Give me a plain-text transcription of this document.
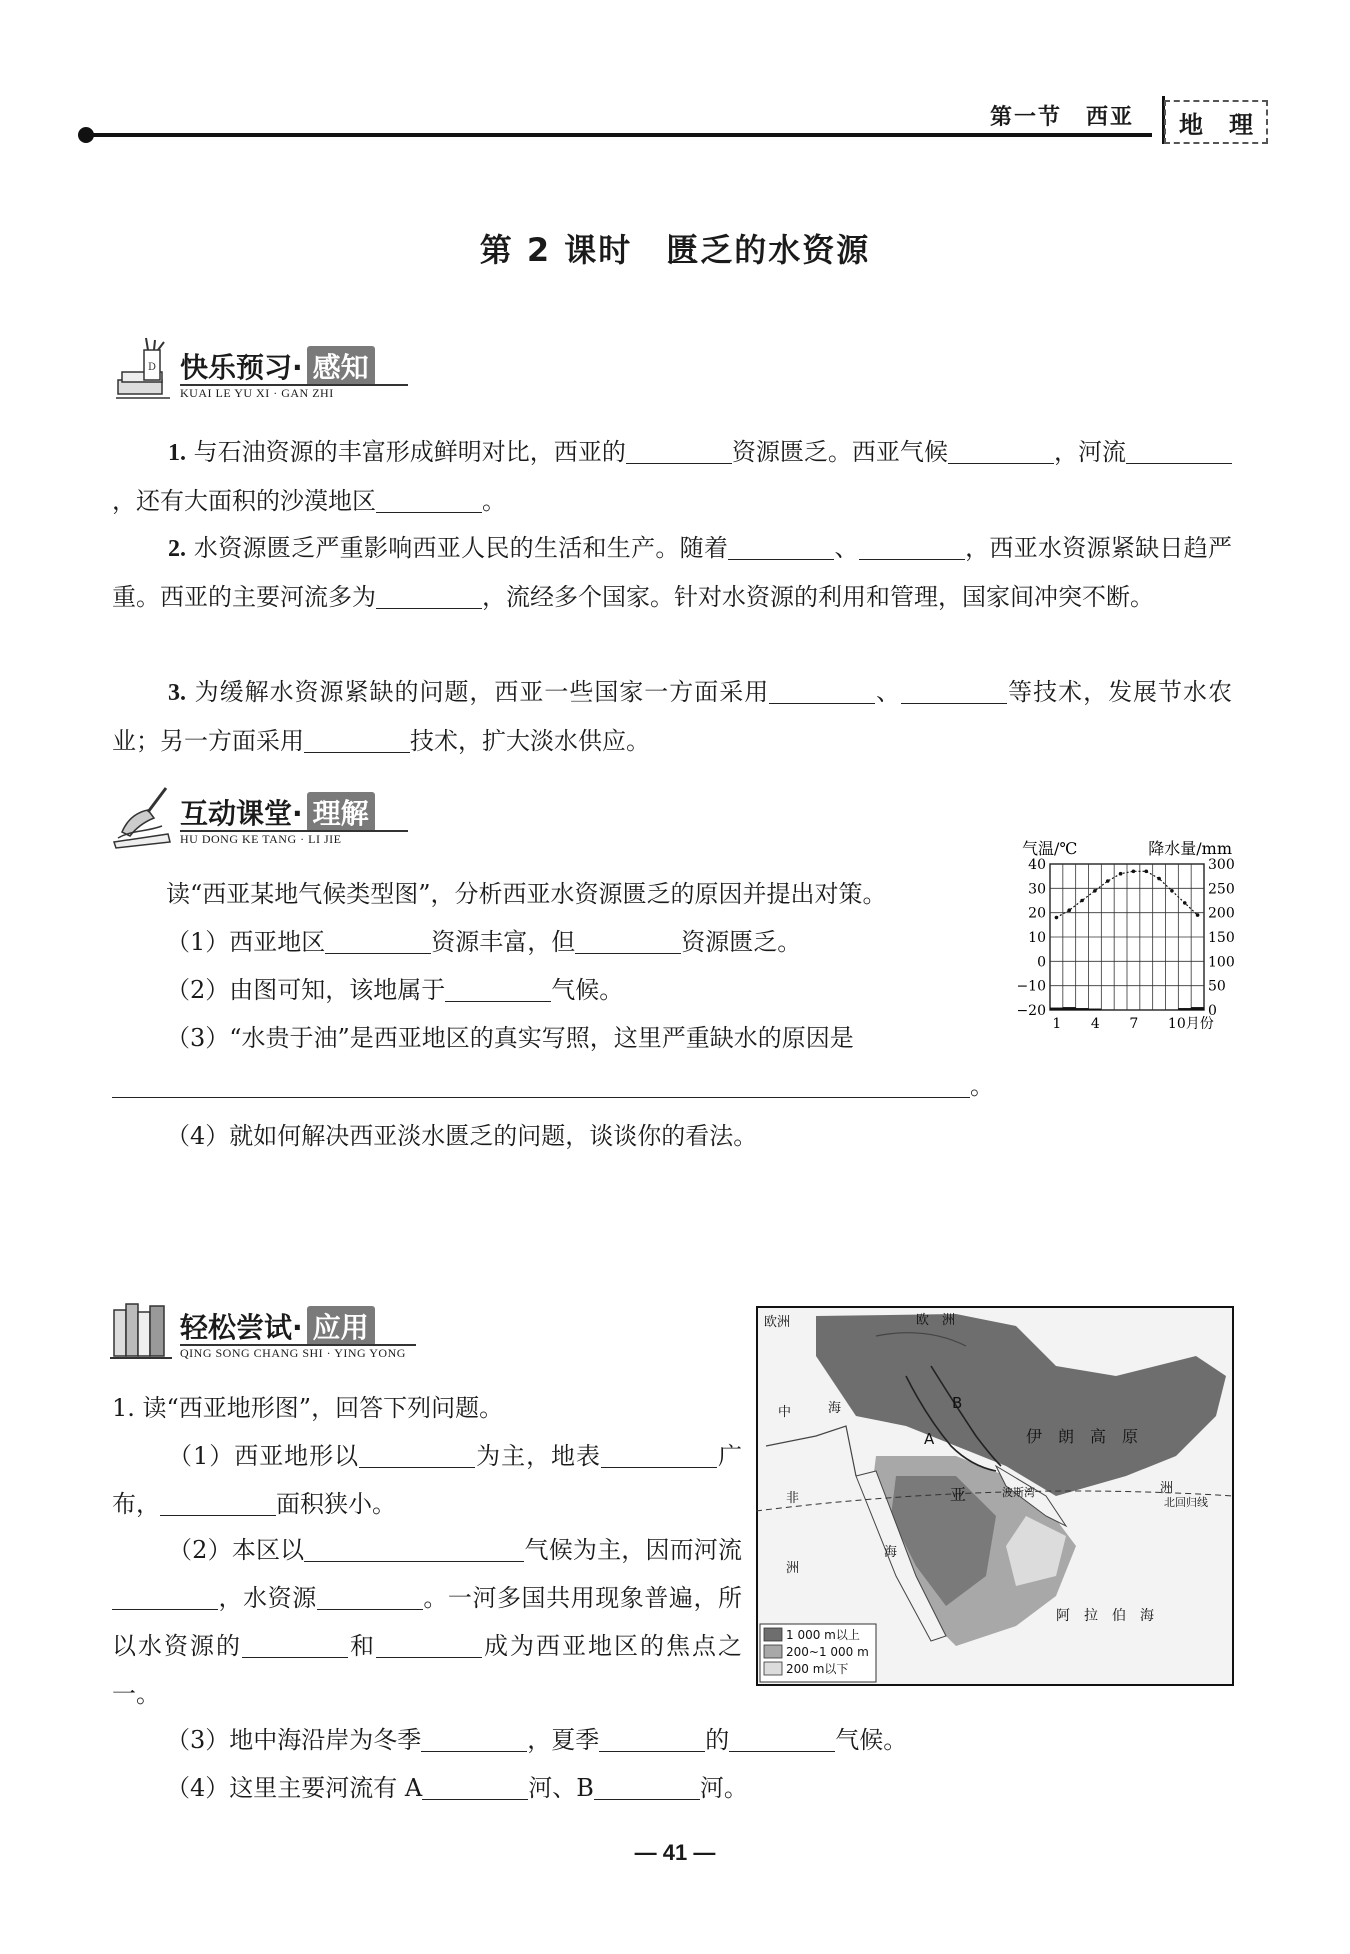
第一节　西亚 地 理
第 2 课时　匮乏的水资源
D 快乐预习· 感知
KUAI LE YU XI · GAN ZHI
1. 与石油资源的丰富形成鲜明对比，西亚的	资源匮乏。西亚气候	，河流，还有大面积的沙漠地区	。
2. 水资源匮乏严重影响西亚人民的生活和生产。随着	、	，西亚水资源紧缺日趋严重。西亚的主要河流多为	，流经多个国家。针对水资源的利用和管理，国家间冲突不断。
3. 为缓解水资源紧缺的问题，西亚一些国家一方面采用	、	等技术，发展节水农业；另一方面采用	技术，扩大淡水供应。
互动课堂· 理解
HU DONG KE TANG · LI JIE
读“西亚某地气候类型图”，分析西亚水资源匮乏的原因并提出对策。
（1）西亚地区	资源丰富，但	资源匮乏。
（2）由图可知，该地属于	气候。
（3）“水贵于油”是西亚地区的真实写照，这里严重缺水的原因是
。
（4）就如何解决西亚淡水匮乏的问题，谈谈你的看法。
气温/℃	降水量/mm
40
30
20
10
0
−10
−20
300
250
200
150
100
50
0
1 4 7 10月份
轻松尝试· 应用
QING SONG CHANG SHI · YING YONG
1. 读“西亚地形图”，回答下列问题。
（1）西亚地形以	为主，地表	广布，	面积狭小。
（2）本区以	气候为主，因而河流，水资源	。一河多国共用现象普遍，所以水资源的	和	成为西亚地区的焦点之一。
（3）地中海沿岸为冬季	，夏季	的	气候。
（4）这里主要河流有 A	河、B	河。
欧洲	欧　洲
伊　朗　高　原
亚
非
洲
洲
北回归线
阿　拉　伯　海
中	海
海
波斯湾
A
B
1 000 m以上
200~1 000 m
200 m以下
— 41 —
